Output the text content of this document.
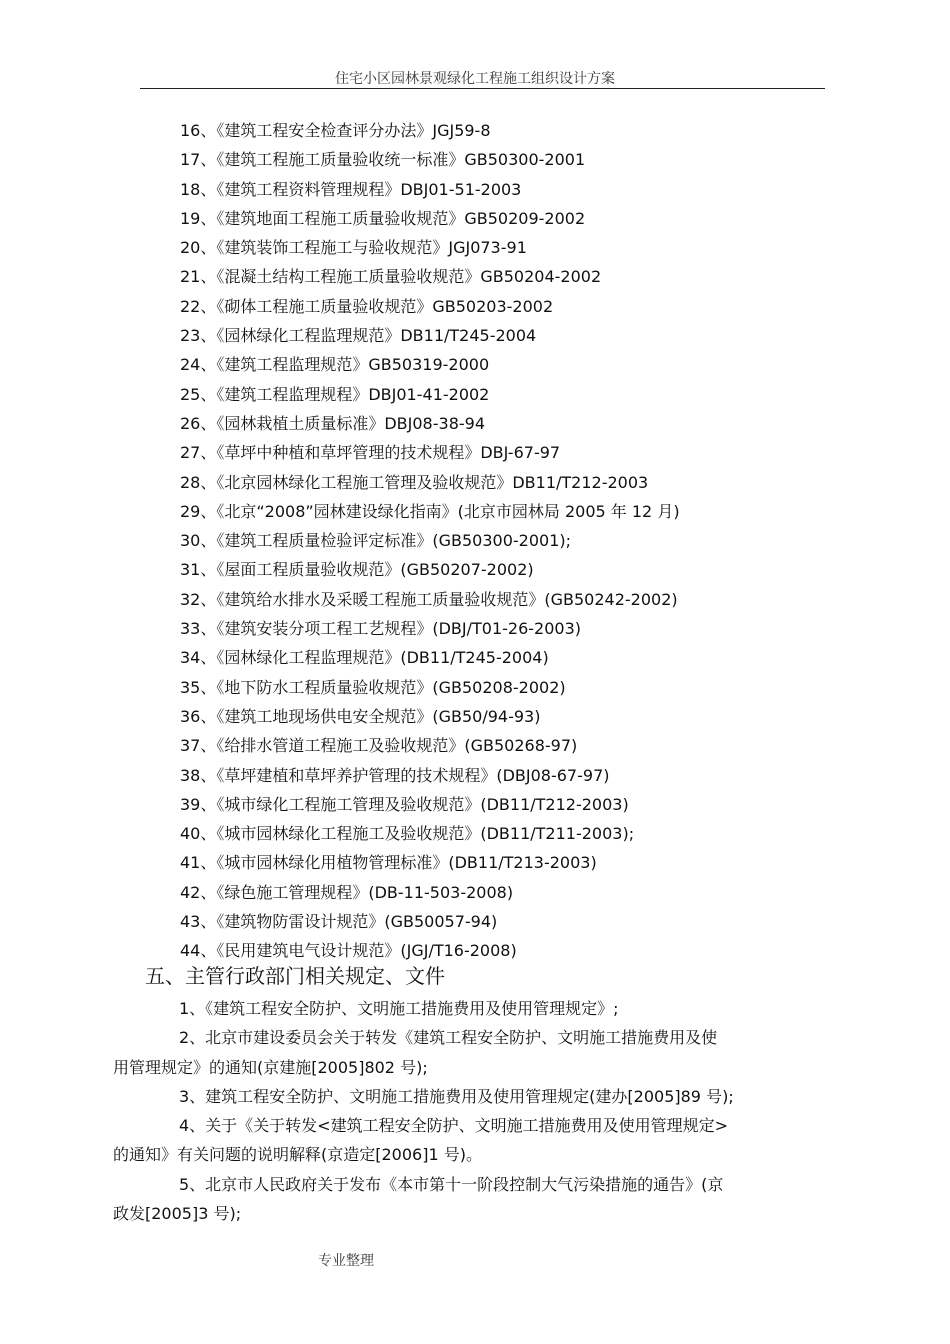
住宅小区园林景观绿化工程施工组织设计方案
16、《建筑工程安全检查评分办法》JGJ59-8
17、《建筑工程施工质量验收统一标准》GB50300-2001
18、《建筑工程资料管理规程》DBJ01-51-2003
19、《建筑地面工程施工质量验收规范》GB50209-2002
20、《建筑装饰工程施工与验收规范》JGJ073-91
21、《混凝土结构工程施工质量验收规范》GB50204-2002
22、《砌体工程施工质量验收规范》GB50203-2002
23、《园林绿化工程监理规范》DB11/T245-2004
24、《建筑工程监理规范》GB50319-2000
25、《建筑工程监理规程》DBJ01-41-2002
26、《园林栽植土质量标准》DBJ08-38-94
27、《草坪中种植和草坪管理的技术规程》DBJ-67-97
28、《北京园林绿化工程施工管理及验收规范》DB11/T212-2003
29、《北京“2008”园林建设绿化指南》(北京市园林局 2005 年 12 月)
30、《建筑工程质量检验评定标准》(GB50300-2001);
31、《屋面工程质量验收规范》(GB50207-2002)
32、《建筑给水排水及采暖工程施工质量验收规范》(GB50242-2002)
33、《建筑安装分项工程工艺规程》(DBJ/T01-26-2003)
34、《园林绿化工程监理规范》(DB11/T245-2004)
35、《地下防水工程质量验收规范》(GB50208-2002)
36、《建筑工地现场供电安全规范》(GB50/94-93)
37、《给排水管道工程施工及验收规范》(GB50268-97)
38、《草坪建植和草坪养护管理的技术规程》(DBJ08-67-97)
39、《城市绿化工程施工管理及验收规范》(DB11/T212-2003)
40、《城市园林绿化工程施工及验收规范》(DB11/T211-2003);
41、《城市园林绿化用植物管理标准》(DB11/T213-2003)
42、《绿色施工管理规程》(DB-11-503-2008)
43、《建筑物防雷设计规范》(GB50057-94)
44、《民用建筑电气设计规范》(JGJ/T16-2008)
五、主管行政部门相关规定、文件

1、《建筑工程安全防护、文明施工措施费用及使用管理规定》;

2、北京市建设委员会关于转发《建筑工程安全防护、文明施工措施费用及使
用管理规定》的通知(京建施[2005]802 号);

3、建筑工程安全防护、文明施工措施费用及使用管理规定(建办[2005]89 号);

4、关于《关于转发<建筑工程安全防护、文明施工措施费用及使用管理规定>
的通知》有关问题的说明解释(京造定[2006]1 号)。

5、北京市人民政府关于发布《本市第十一阶段控制大气污染措施的通告》(京
政发[2005]3 号);

专业整理
